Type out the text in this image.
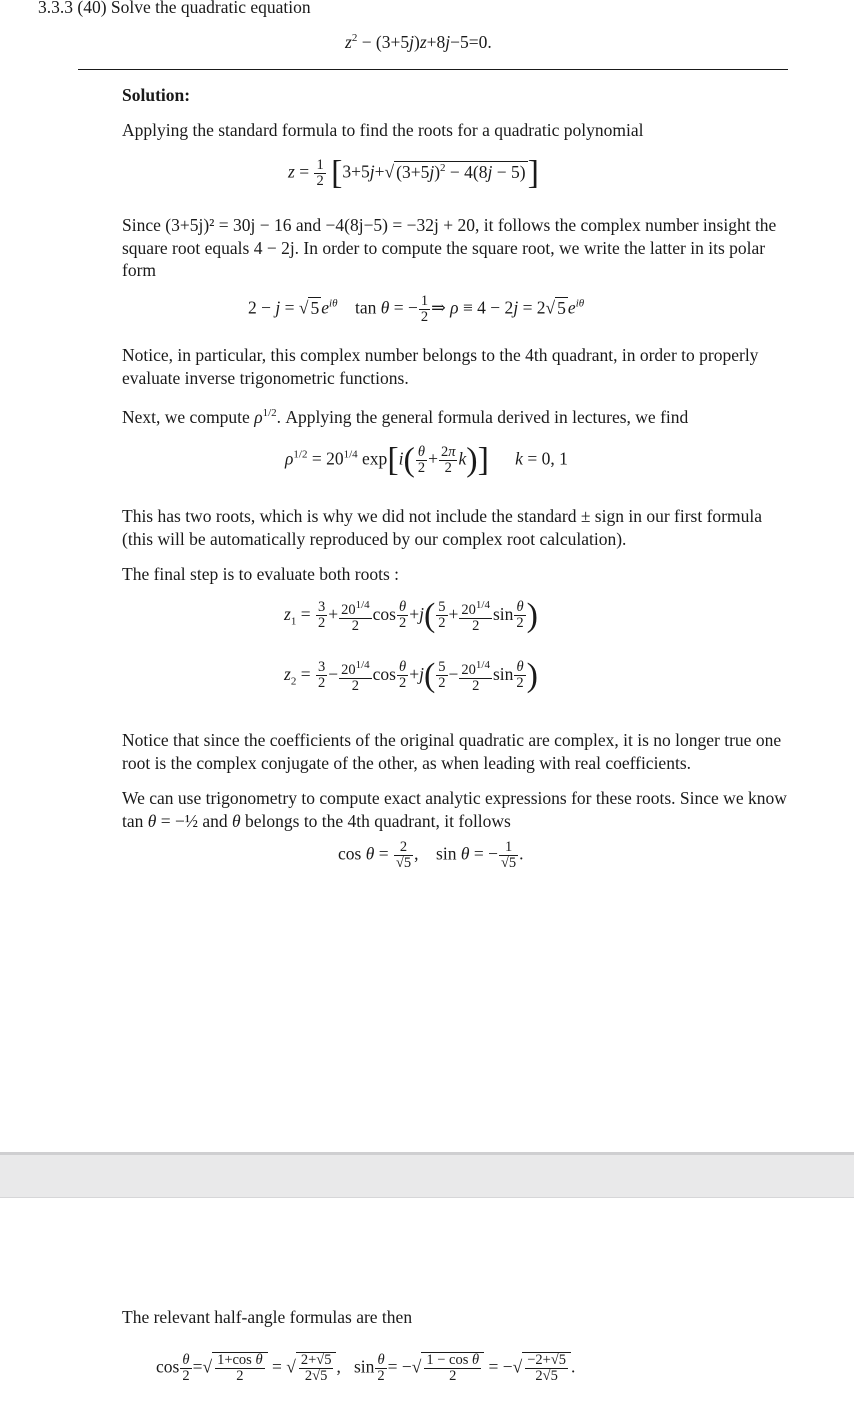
3.3.3 (40) Solve the quadratic equation
$z^2 - (3+5j)z+8j-5=0$.
Solution:
Applying the standard formula to find the roots for a quadratic polynomial
$z = \frac{1}{2} [3+5j+√$ $(3+5j)^2 - 4(8j - 5)$]
Since (3+5j)² = 30j − 16 and −4(8j−5) = −32j + 20, it follows the complex number insight the square root equals 4 − 2j. In order to compute the square root, we write the latter in its polar form
2 − j = √ 5 $e^{i\theta}$    tan θ = − $\frac{1}{2}$ ⇒ ρ ≡ 4 − 2j = 2√ 5 $e^{i\theta}$
Notice, in particular, this complex number belongs to the 4th quadrant, in order to properly evaluate inverse trigonometric functions.
Next, we compute $\rho^{1/2}$. Applying the general formula derived in lectures, we find
$\rho^{1/2} = 20^{1/4}$ $\exp[i( \frac{\theta}{2} + \frac{2\pi}{2} k)]$ k = 0, 1
This has two roots, which is why we did not include the standard ± sign in our first formula (this will be automatically reproduced by our complex root calculation).
The final step is to evaluate both roots :
$z_1 = \frac{3}{2} + \frac{20^{1/4}}{2}$ $\cos \frac{\theta}{2} +j( \frac{5}{2} + \frac{20^{1/4}}{2}$ $\sin \frac{\theta}{2}$ )
$z_2 = \frac{3}{2} - \frac{20^{1/4}}{2}$ $\cos \frac{\theta}{2} +j( \frac{5}{2} - \frac{20^{1/4}}{2}$ $\sin \frac{\theta}{2}$ )
Notice that since the coefficients of the original quadratic are complex, it is no longer true one root is the complex conjugate of the other, as when leading with real coefficients.
We can use trigonometry to compute exact analytic expressions for these roots. Since we know tan θ = −½ and θ belongs to the 4th quadrant, it follows
$\cos \theta = \frac{2}{√5}$ ,    sin θ = − $\frac{1}{√5}$ .
The relevant half-angle formulas are then
$\cos \frac{\theta}{2}$ =√ $\frac{\text{1+cos θ}}{2}$ = √ $\frac{2+√5}{2√5}$ ,   $\sin \frac{\theta}{2}$ = −√ $\frac{\text{1 − cos θ}}{2}$ = −√ $\frac{-2+√5}{2√5}$ .
